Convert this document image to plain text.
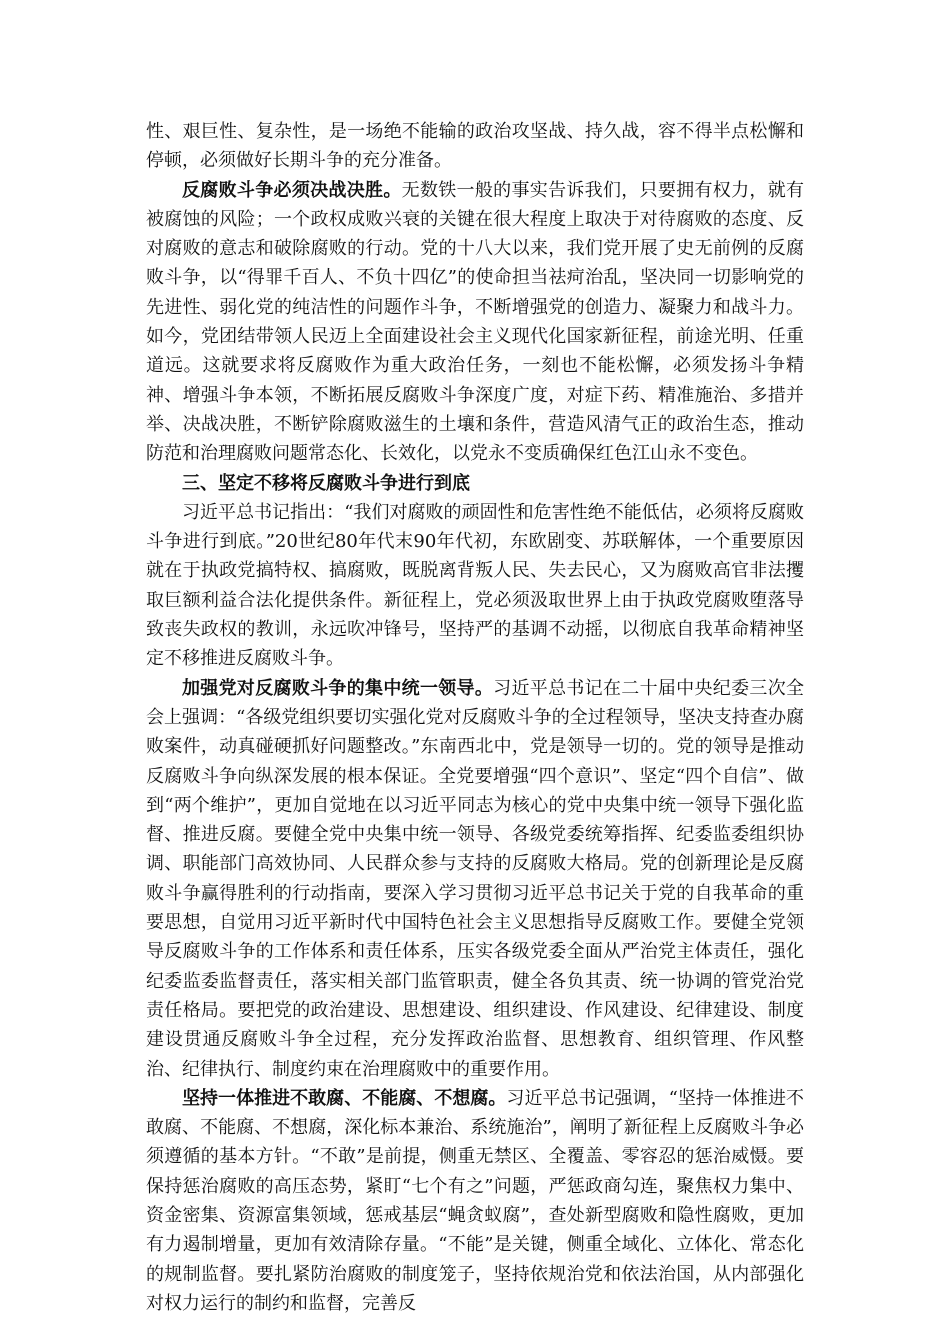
性、艰巨性、复杂性，是一场绝不能输的政治攻坚战、持久战，容不得半点松懈和停顿，必须做好长期斗争的充分准备。

反腐败斗争必须决战决胜。无数铁一般的事实告诉我们，只要拥有权力，就有被腐蚀的风险；一个政权成败兴衰的关键在很大程度上取决于对待腐败的态度、反对腐败的意志和破除腐败的行动。党的十八大以来，我们党开展了史无前例的反腐败斗争，以“得罪千百人、不负十四亿”的使命担当祛疴治乱，坚决同一切影响党的先进性、弱化党的纯洁性的问题作斗争，不断增强党的创造力、凝聚力和战斗力。如今，党团结带领人民迈上全面建设社会主义现代化国家新征程，前途光明、任重道远。这就要求将反腐败作为重大政治任务，一刻也不能松懈，必须发扬斗争精神、增强斗争本领，不断拓展反腐败斗争深度广度，对症下药、精准施治、多措并举、决战决胜，不断铲除腐败滋生的土壤和条件，营造风清气正的政治生态，推动防范和治理腐败问题常态化、长效化，以党永不变质确保红色江山永不变色。

三、坚定不移将反腐败斗争进行到底

习近平总书记指出：“我们对腐败的顽固性和危害性绝不能低估，必须将反腐败斗争进行到底。”20世纪80年代末90年代初，东欧剧变、苏联解体，一个重要原因就在于执政党搞特权、搞腐败，既脱离背叛人民、失去民心，又为腐败高官非法攫取巨额利益合法化提供条件。新征程上，党必须汲取世界上由于执政党腐败堕落导致丧失政权的教训，永远吹冲锋号，坚持严的基调不动摇，以彻底自我革命精神坚定不移推进反腐败斗争。

加强党对反腐败斗争的集中统一领导。习近平总书记在二十届中央纪委三次全会上强调：“各级党组织要切实强化党对反腐败斗争的全过程领导，坚决支持查办腐败案件，动真碰硬抓好问题整改。”东南西北中，党是领导一切的。党的领导是推动反腐败斗争向纵深发展的根本保证。全党要增强“四个意识”、坚定“四个自信”、做到“两个维护”，更加自觉地在以习近平同志为核心的党中央集中统一领导下强化监督、推进反腐。要健全党中央集中统一领导、各级党委统筹指挥、纪委监委组织协调、职能部门高效协同、人民群众参与支持的反腐败大格局。党的创新理论是反腐败斗争赢得胜利的行动指南，要深入学习贯彻习近平总书记关于党的自我革命的重要思想，自觉用习近平新时代中国特色社会主义思想指导反腐败工作。要健全党领导反腐败斗争的工作体系和责任体系，压实各级党委全面从严治党主体责任，强化纪委监委监督责任，落实相关部门监管职责，健全各负其责、统一协调的管党治党责任格局。要把党的政治建设、思想建设、组织建设、作风建设、纪律建设、制度建设贯通反腐败斗争全过程，充分发挥政治监督、思想教育、组织管理、作风整治、纪律执行、制度约束在治理腐败中的重要作用。

坚持一体推进不敢腐、不能腐、不想腐。习近平总书记强调，“坚持一体推进不敢腐、不能腐、不想腐，深化标本兼治、系统施治”，阐明了新征程上反腐败斗争必须遵循的基本方针。“不敢”是前提，侧重无禁区、全覆盖、零容忍的惩治威慑。要保持惩治腐败的高压态势，紧盯“七个有之”问题，严惩政商勾连，聚焦权力集中、资金密集、资源富集领域，惩戒基层“蝇贪蚁腐”，查处新型腐败和隐性腐败，更加有力遏制增量，更加有效清除存量。“不能”是关键，侧重全域化、立体化、常态化的规制监督。要扎紧防治腐败的制度笼子，坚持依规治党和依法治国，从内部强化对权力运行的制约和监督，完善反
